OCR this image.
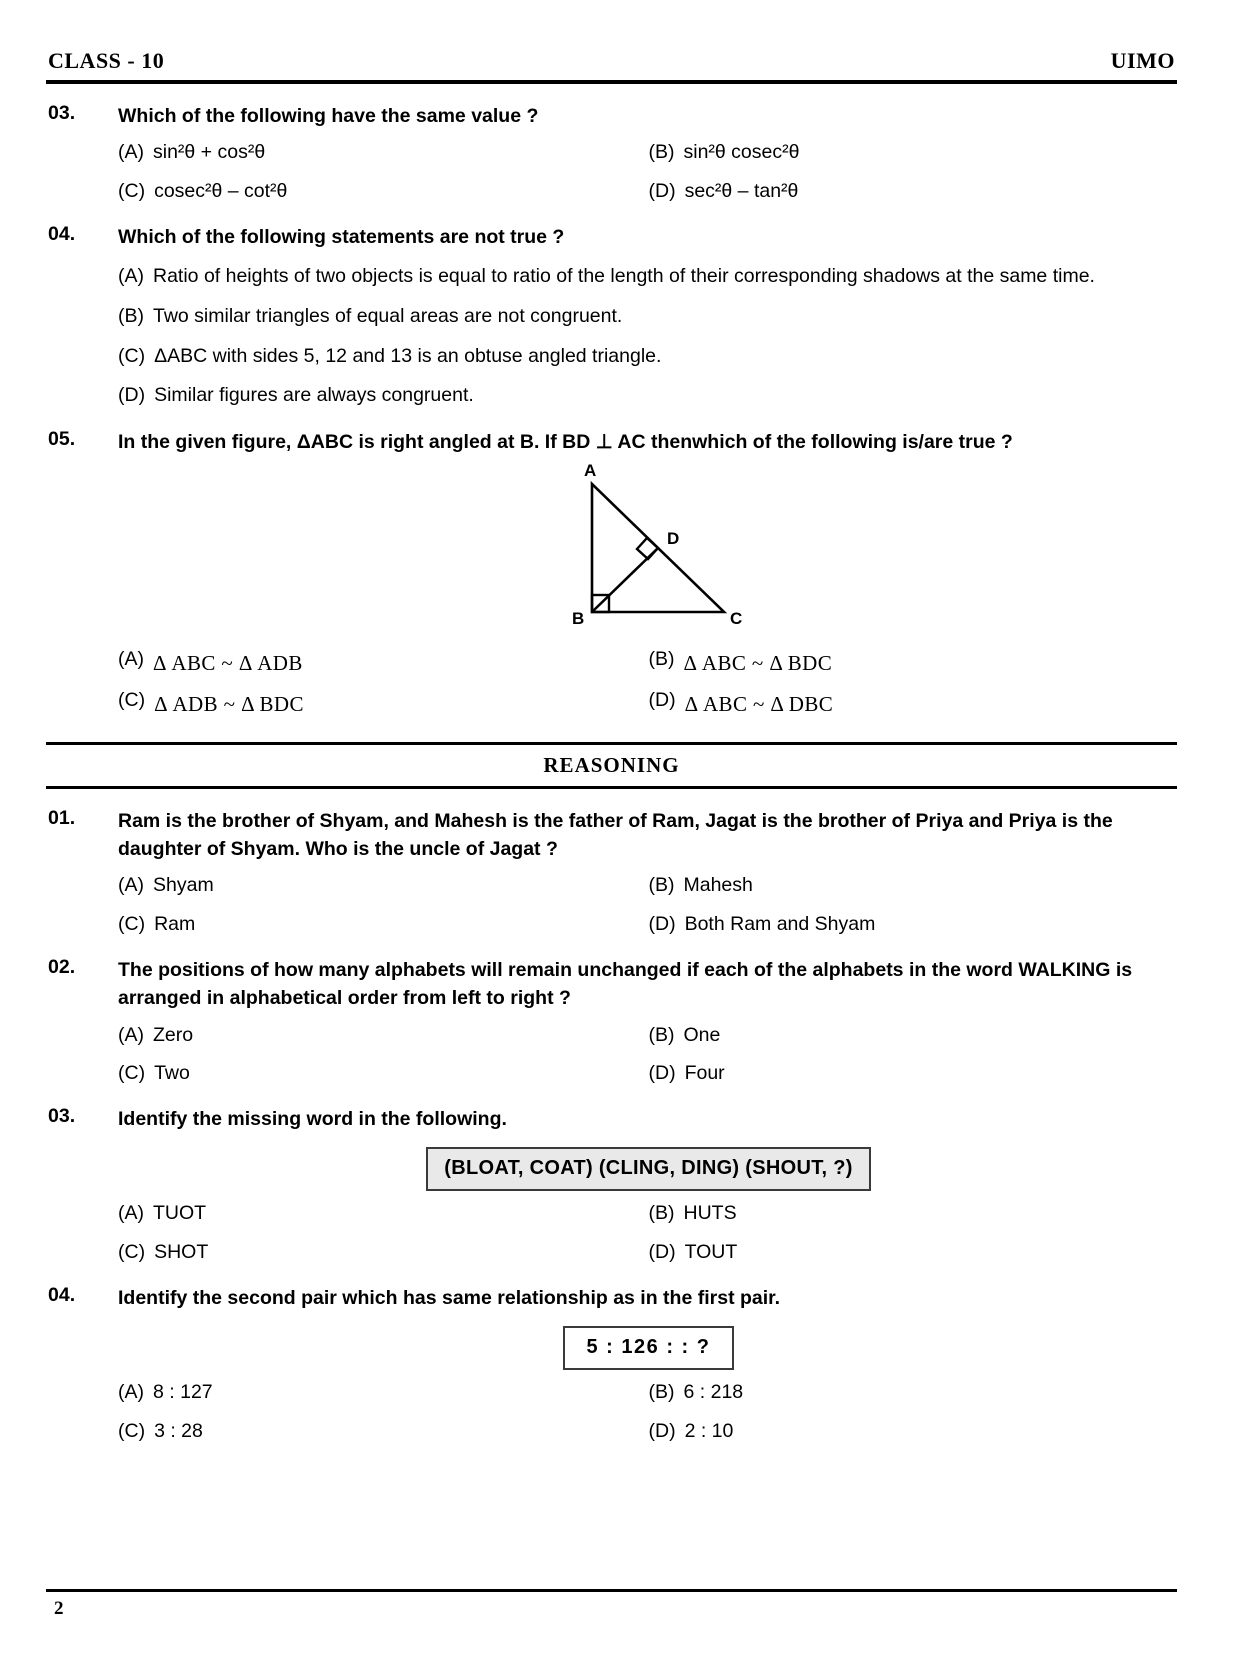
CLASS - 10	UIMO
03.	Which of the following have the same value ?
(A) sin²θ + cos²θ	(B) sin²θ cosec²θ
(C) cosec²θ – cot²θ	(D) sec²θ – tan²θ
04.	Which of the following statements are not true ?
(A) Ratio of heights of two objects is equal to ratio of the length of their corresponding shadows at the same time.
(B) Two similar triangles of equal areas are not congruent.
(C) ΔABC with sides 5, 12 and 13 is an obtuse angled triangle.
(D) Similar figures are always congruent.
05.	In the given figure, ΔABC is right angled at B. If BD ⊥ AC thenwhich of the following is/are true ?
A
B	C
D
(A) Δ ABC ~ Δ ADB	(B) Δ ABC ~ Δ BDC
(C) Δ ADB ~ Δ BDC	(D) Δ ABC ~ Δ DBC
REASONING
01.	Ram is the brother of Shyam, and Mahesh is the father of Ram, Jagat is the brother of Priya and Priya is the daughter of Shyam. Who is the uncle of Jagat ?
(A) Shyam	(B) Mahesh
(C) Ram	(D) Both Ram and Shyam
02.	The positions of how many alphabets will remain unchanged if each of the alphabets in the word WALKING is arranged in alphabetical order from left to right ?
(A) Zero	(B) One
(C) Two	(D) Four
03.	Identify the missing word in the following.
(BLOAT, COAT) (CLING, DING) (SHOUT, ?)
(A) TUOT	(B) HUTS
(C) SHOT	(D) TOUT
04.	Identify the second pair which has same relationship as in the first pair.
5 : 126 : : ?
(A) 8 : 127	(B) 6 : 218
(C) 3 : 28	(D) 2 : 10
2
